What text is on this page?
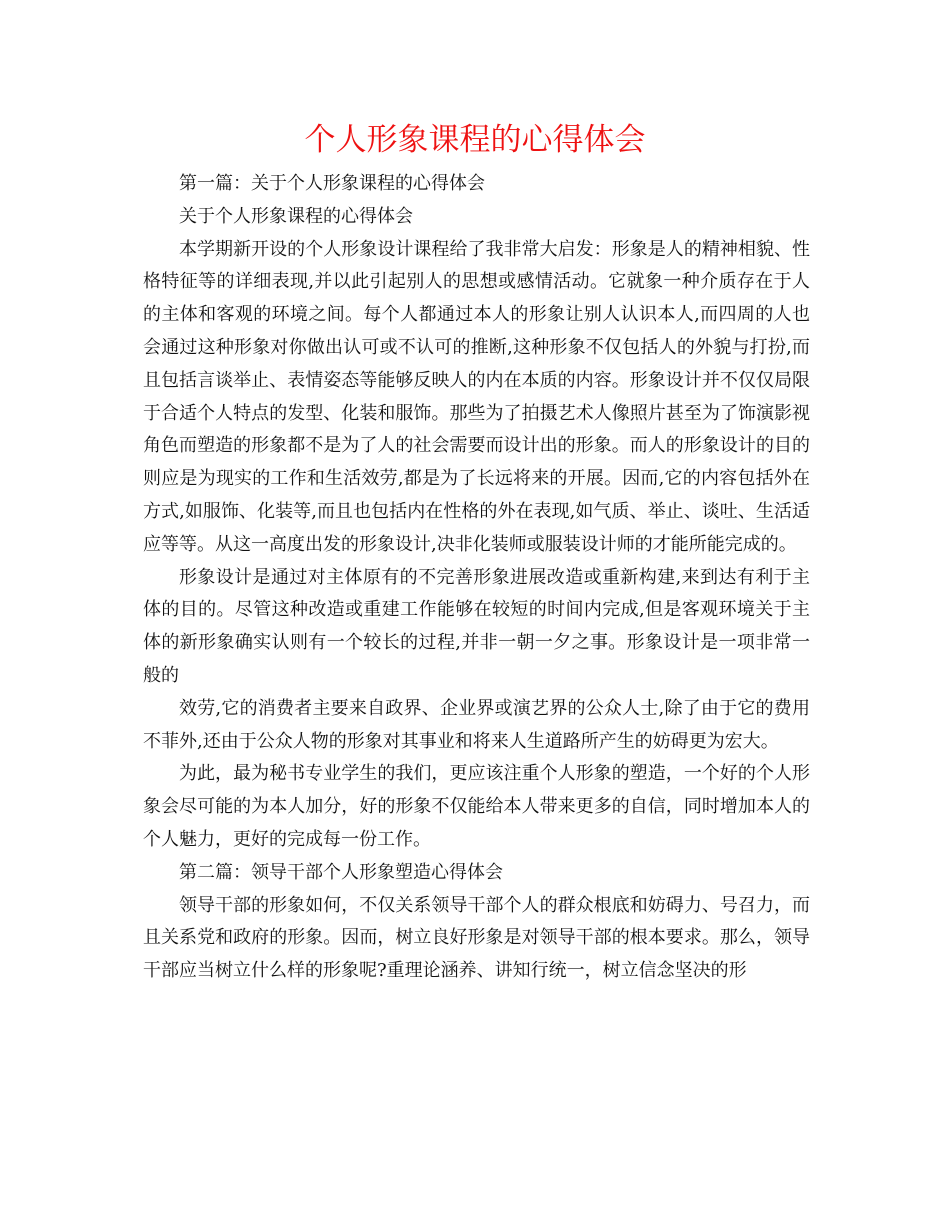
个人形象课程的心得体会

第一篇：关于个人形象课程的心得体会

关于个人形象课程的心得体会

本学期新开设的个人形象设计课程给了我非常大启发：形象是人的精神相貌、性格特征等的详细表现,并以此引起别人的思想或感情活动。它就象一种介质存在于人的主体和客观的环境之间。每个人都通过本人的形象让别人认识本人,而四周的人也会通过这种形象对你做出认可或不认可的推断,这种形象不仅包括人的外貌与打扮,而且包括言谈举止、表情姿态等能够反映人的内在本质的内容。形象设计并不仅仅局限于合适个人特点的发型、化装和服饰。那些为了拍摄艺术人像照片甚至为了饰演影视角色而塑造的形象都不是为了人的社会需要而设计出的形象。而人的形象设计的目的则应是为现实的工作和生活效劳,都是为了长远将来的开展。因而,它的内容包括外在方式,如服饰、化装等,而且也包括内在性格的外在表现,如气质、举止、谈吐、生活适应等等。从这一高度出发的形象设计,决非化装师或服装设计师的才能所能完成的。

形象设计是通过对主体原有的不完善形象进展改造或重新构建,来到达有利于主体的目的。尽管这种改造或重建工作能够在较短的时间内完成,但是客观环境关于主体的新形象确实认则有一个较长的过程,并非一朝一夕之事。形象设计是一项非常一般的

效劳,它的消费者主要来自政界、企业界或演艺界的公众人士,除了由于它的费用不菲外,还由于公众人物的形象对其事业和将来人生道路所产生的妨碍更为宏大。

为此，最为秘书专业学生的我们，更应该注重个人形象的塑造，一个好的个人形象会尽可能的为本人加分，好的形象不仅能给本人带来更多的自信，同时增加本人的个人魅力，更好的完成每一份工作。

第二篇：领导干部个人形象塑造心得体会

领导干部的形象如何，不仅关系领导干部个人的群众根底和妨碍力、号召力，而且关系党和政府的形象。因而，树立良好形象是对领导干部的根本要求。那么，领导干部应当树立什么样的形象呢?重理论涵养、讲知行统一，树立信念坚决的形
